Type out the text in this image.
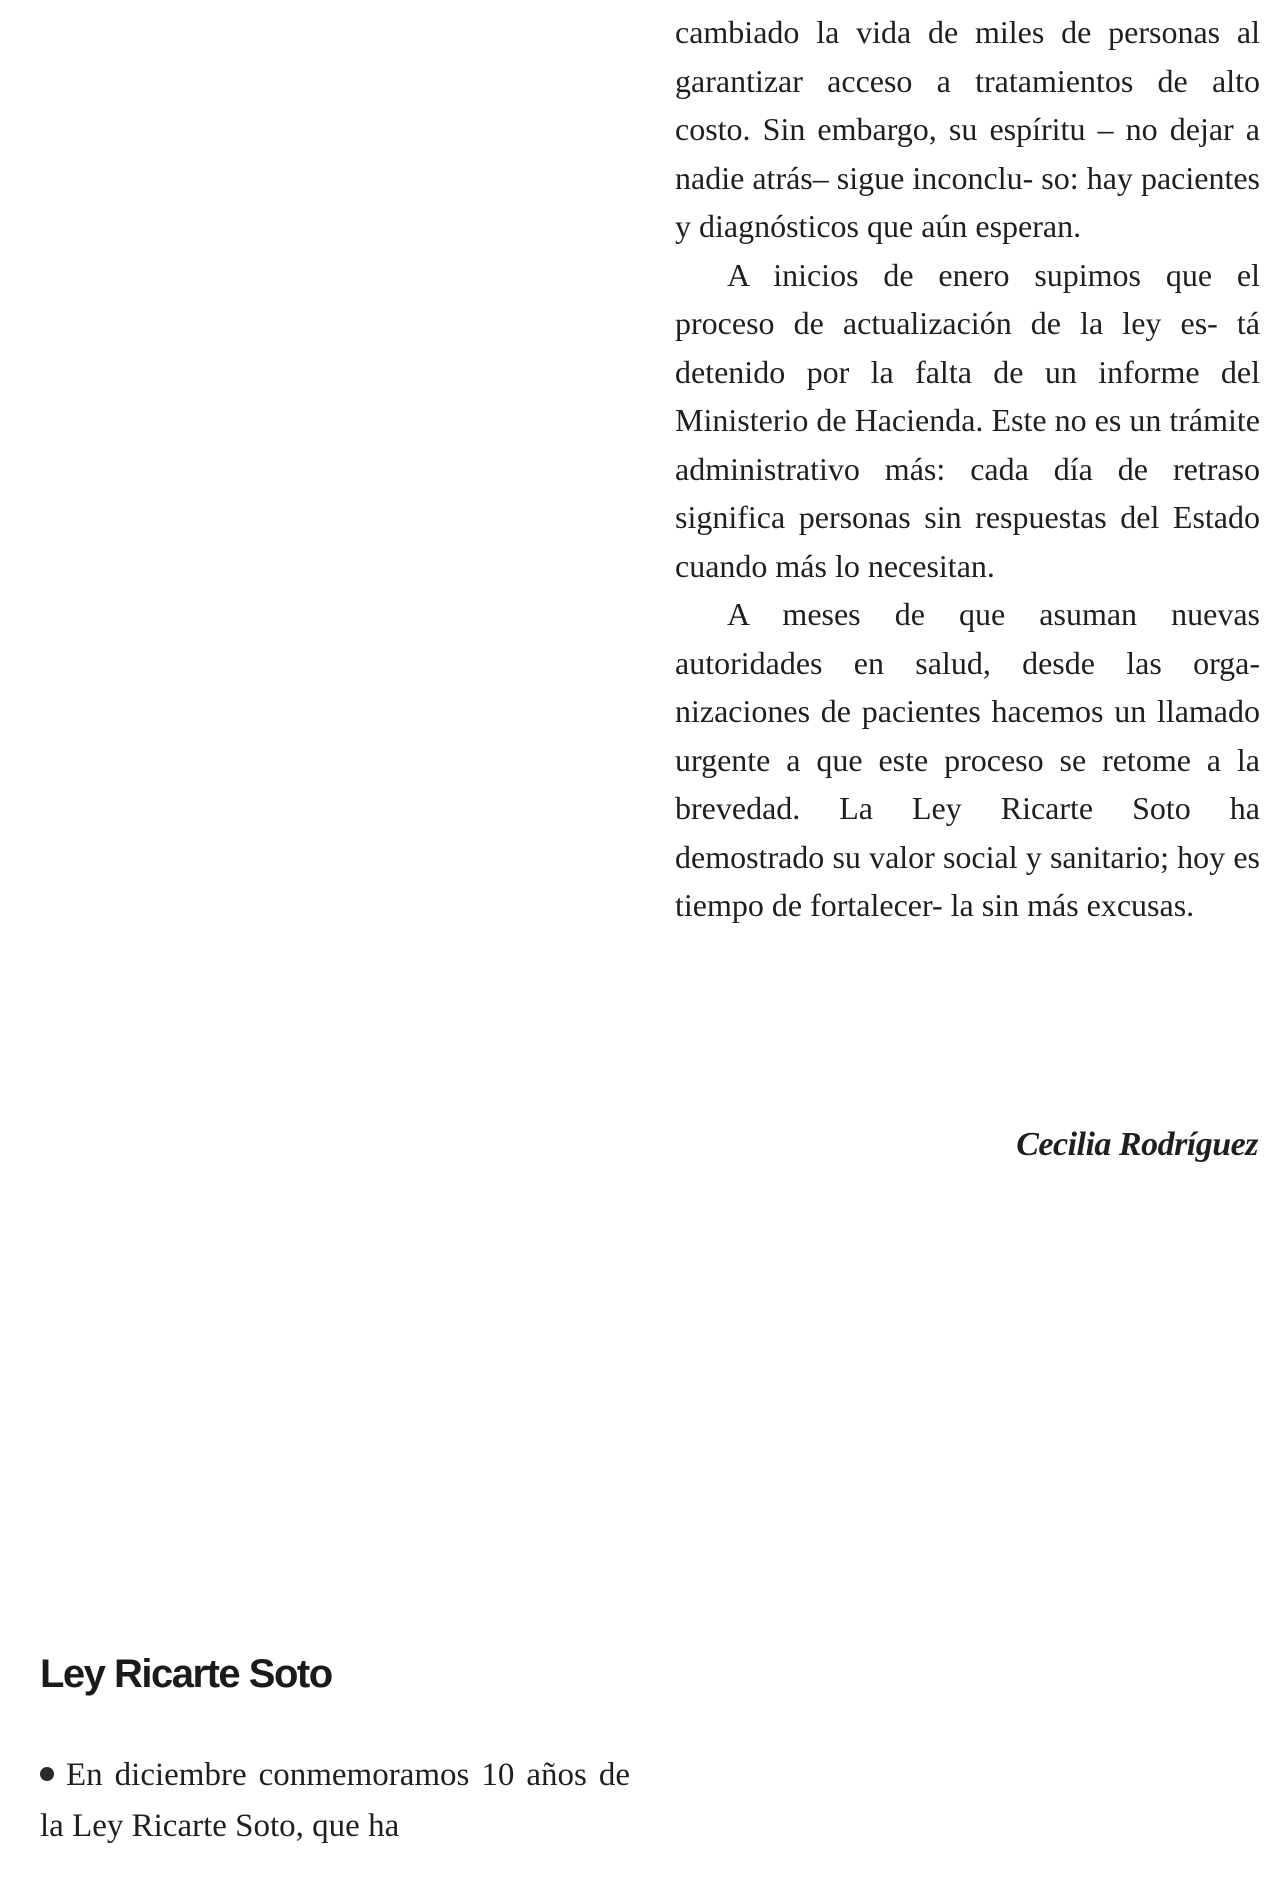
cambiado la vida de miles de personas al garantizar acceso a tratamientos de alto costo. Sin embargo, su espíritu – no dejar a nadie atrás– sigue inconclu- so: hay pacientes y diagnósticos que aún esperan.

A inicios de enero supimos que el proceso de actualización de la ley es- tá detenido por la falta de un informe del Ministerio de Hacienda. Este no es un trámite administrativo más: cada día de retraso significa personas sin respuestas del Estado cuando más lo necesitan.

A meses de que asuman nuevas autoridades en salud, desde las orga- nizaciones de pacientes hacemos un llamado urgente a que este proceso se retome a la brevedad. La Ley Ricarte Soto ha demostrado su valor social y sanitario; hoy es tiempo de fortalecer- la sin más excusas.

Cecilia Rodríguez
Ley Ricarte Soto

En diciembre conmemoramos 10 años de la Ley Ricarte Soto, que ha
